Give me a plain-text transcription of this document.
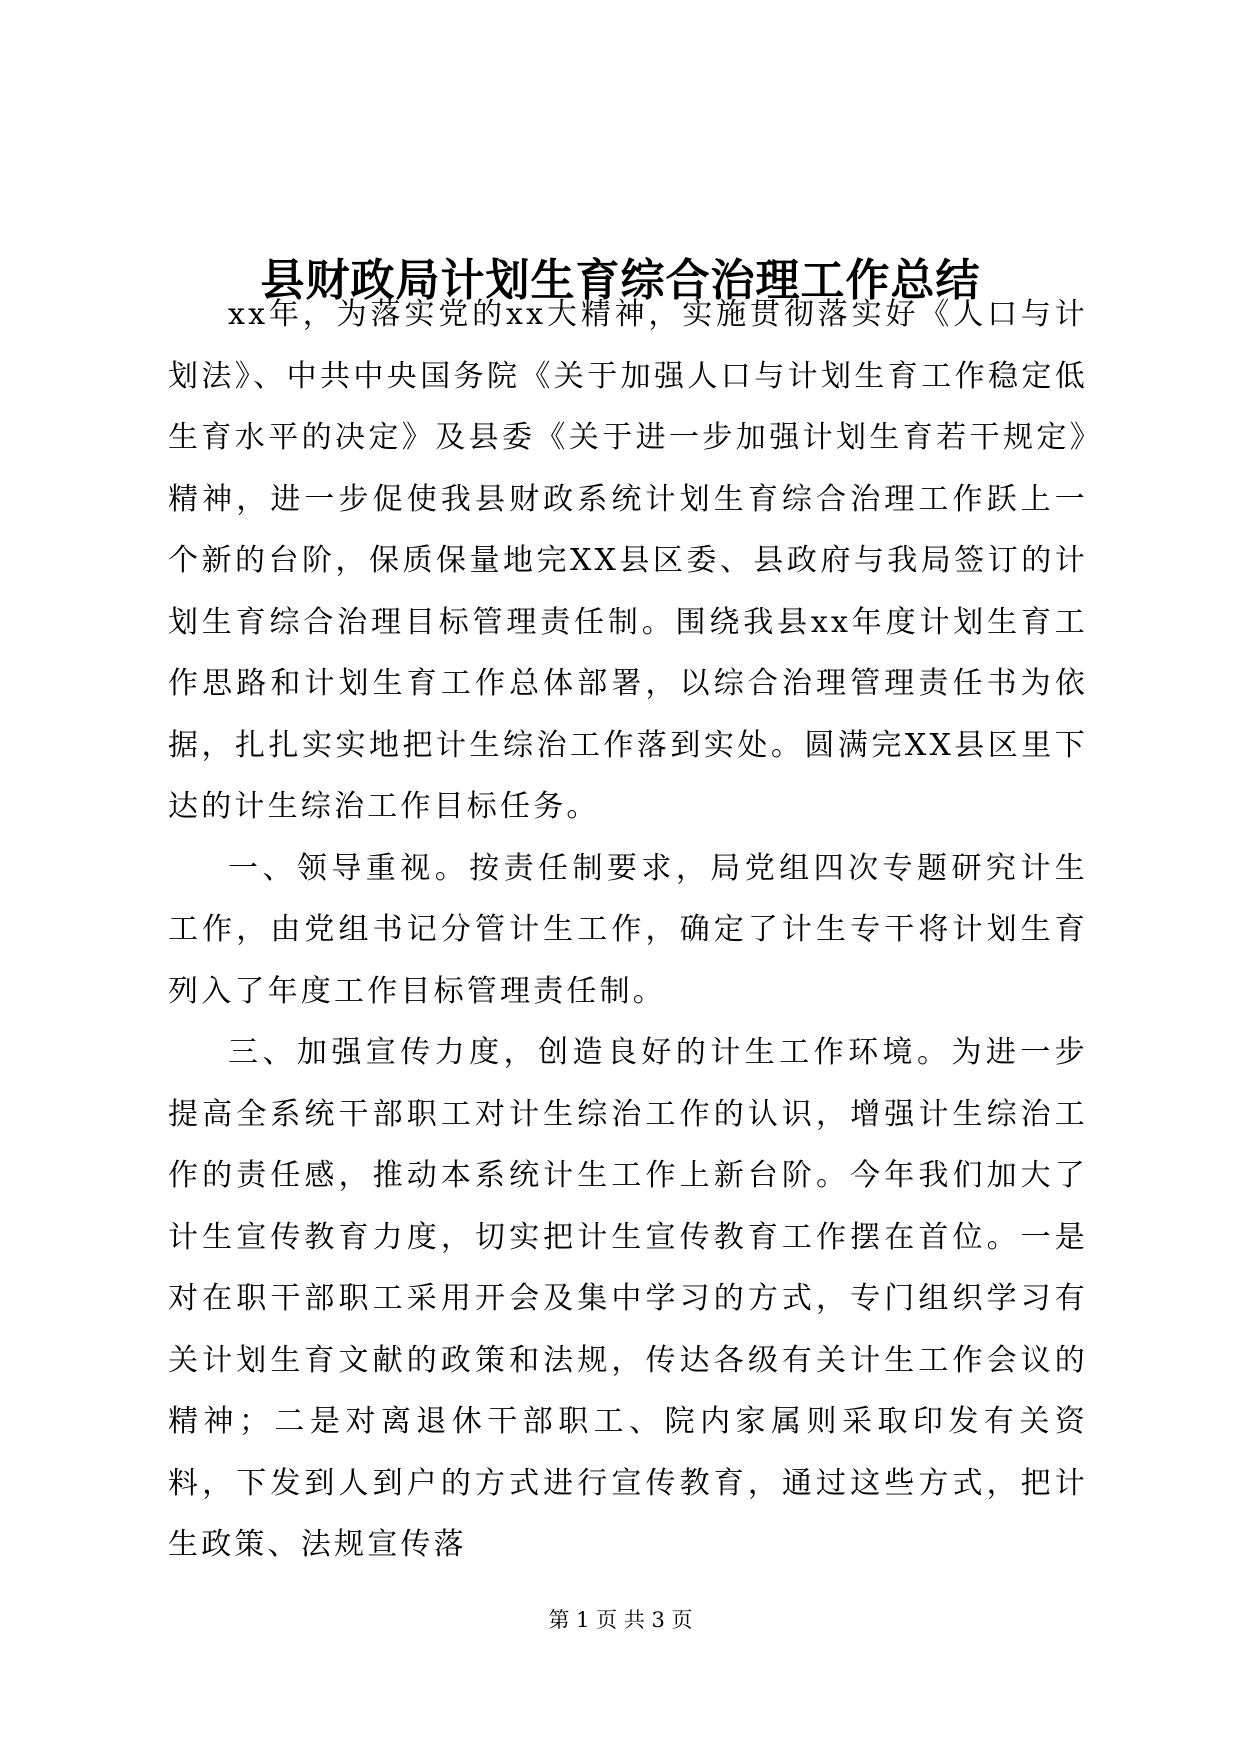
县财政局计划生育综合治理工作总结

xx年，为落实党的xx大精神，实施贯彻落实好《人口与计划法》、中共中央国务院《关于加强人口与计划生育工作稳定低生育水平的决定》及县委《关于进一步加强计划生育若干规定》精神，进一步促使我县财政系统计划生育综合治理工作跃上一个新的台阶，保质保量地完XX县区委、县政府与我局签订的计划生育综合治理目标管理责任制。围绕我县xx年度计划生育工作思路和计划生育工作总体部署，以综合治理管理责任书为依据，扎扎实实地把计生综治工作落到实处。圆满完XX县区里下达的计生综治工作目标任务。

一、领导重视。按责任制要求，局党组四次专题研究计生工作，由党组书记分管计生工作，确定了计生专干将计划生育列入了年度工作目标管理责任制。

三、加强宣传力度，创造良好的计生工作环境。为进一步提高全系统干部职工对计生综治工作的认识，增强计生综治工作的责任感，推动本系统计生工作上新台阶。今年我们加大了计生宣传教育力度，切实把计生宣传教育工作摆在首位。一是对在职干部职工采用开会及集中学习的方式，专门组织学习有关计划生育文献的政策和法规，传达各级有关计生工作会议的精神；二是对离退休干部职工、院内家属则采取印发有关资料，下发到人到户的方式进行宣传教育，通过这些方式，把计生政策、法规宣传落

第 1 页 共 3 页
